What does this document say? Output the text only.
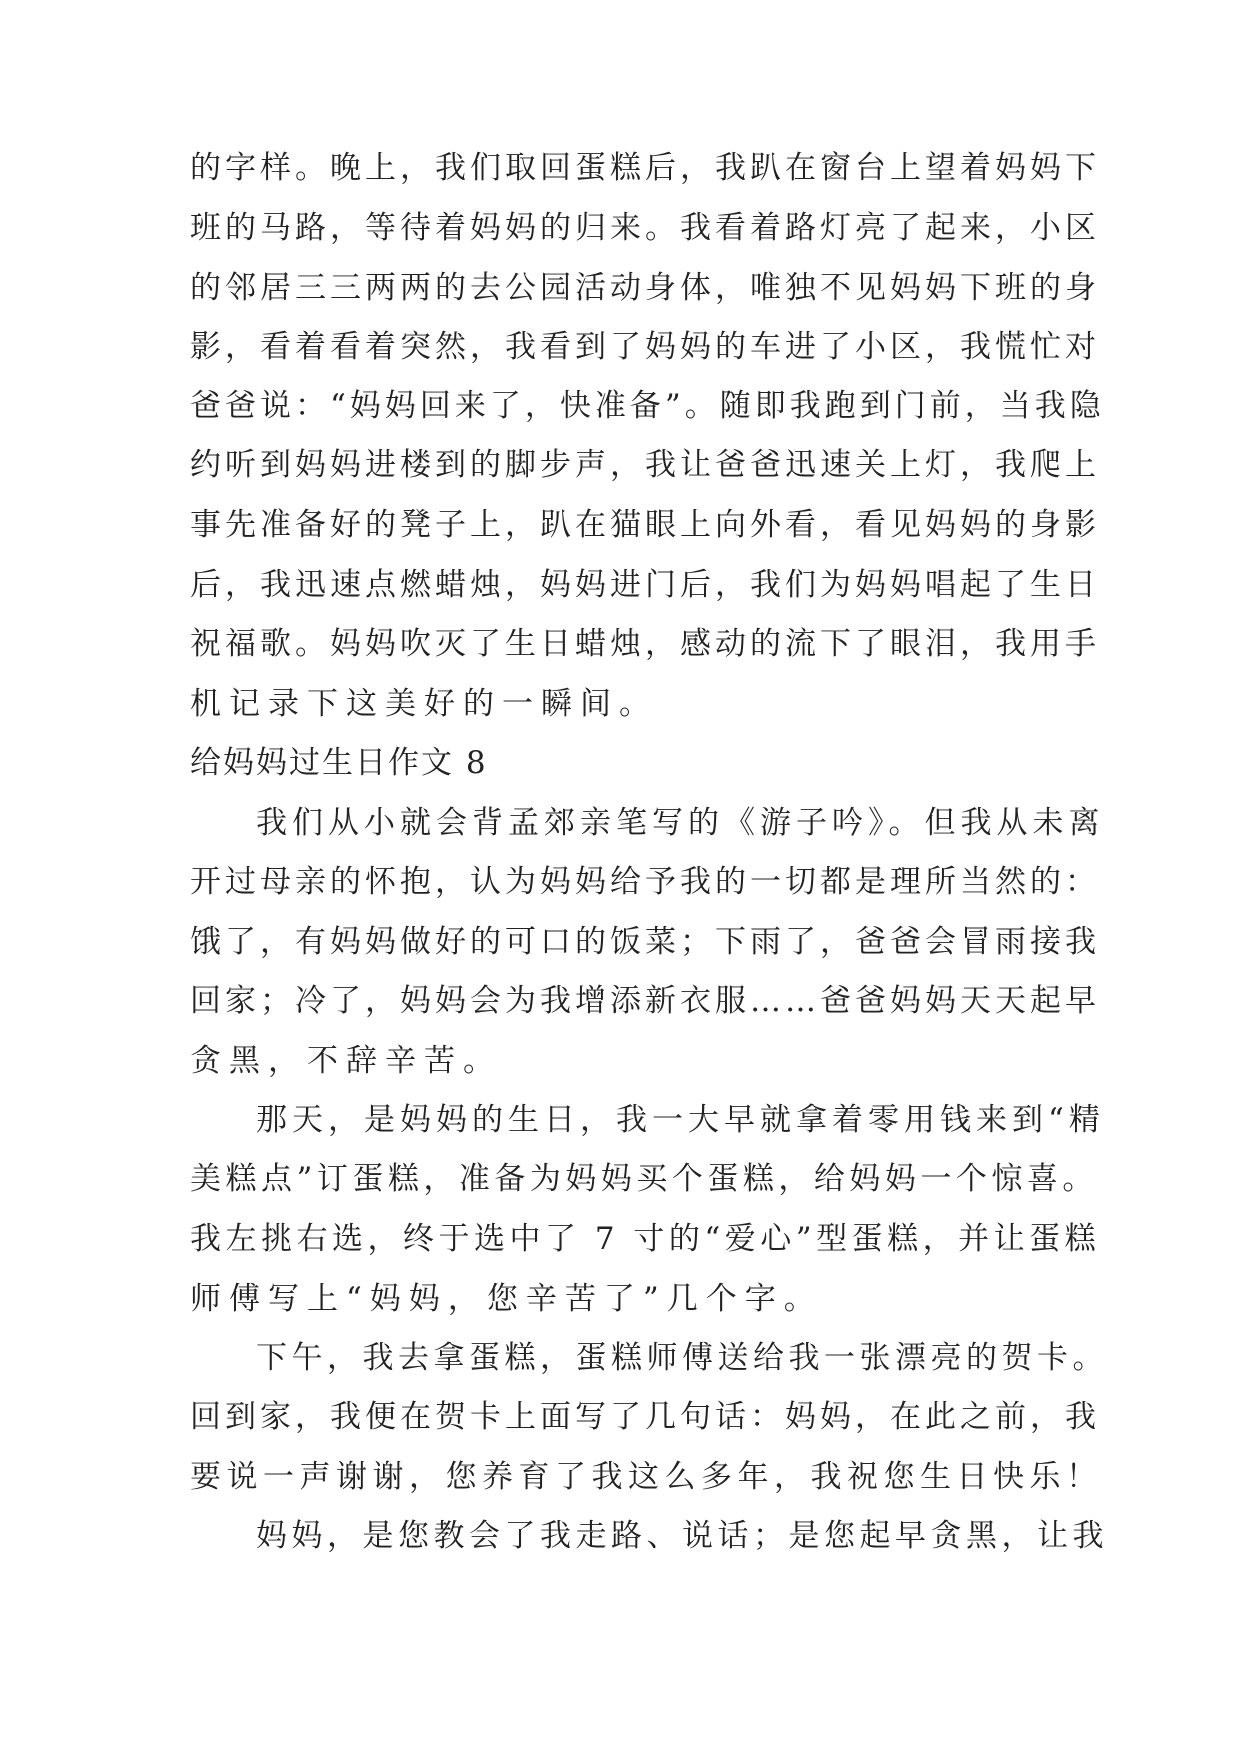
的字样。晚上，我们取回蛋糕后，我趴在窗台上望着妈妈下
班的马路，等待着妈妈的归来。我看着路灯亮了起来，小区
的邻居三三两两的去公园活动身体，唯独不见妈妈下班的身
影，看着看着突然，我看到了妈妈的车进了小区，我慌忙对
爸爸说：“妈妈回来了，快准备”。随即我跑到门前，当我隐
约听到妈妈进楼到的脚步声，我让爸爸迅速关上灯，我爬上
事先准备好的凳子上，趴在猫眼上向外看，看见妈妈的身影
后，我迅速点燃蜡烛，妈妈进门后，我们为妈妈唱起了生日
祝福歌。妈妈吹灭了生日蜡烛，感动的流下了眼泪，我用手
机记录下这美好的一瞬间。
给妈妈过生日作文 8
我们从小就会背孟郊亲笔写的《游子吟》。但我从未离
开过母亲的怀抱，认为妈妈给予我的一切都是理所当然的：
饿了，有妈妈做好的可口的饭菜；下雨了，爸爸会冒雨接我
回家；冷了，妈妈会为我增添新衣服……爸爸妈妈天天起早
贪黑，不辞辛苦。
那天，是妈妈的生日，我一大早就拿着零用钱来到“精
美糕点”订蛋糕，准备为妈妈买个蛋糕，给妈妈一个惊喜。
我左挑右选，终于选中了 7 寸的“爱心”型蛋糕，并让蛋糕
师傅写上“妈妈，您辛苦了”几个字。
下午，我去拿蛋糕，蛋糕师傅送给我一张漂亮的贺卡。
回到家，我便在贺卡上面写了几句话：妈妈，在此之前，我
要说一声谢谢，您养育了我这么多年，我祝您生日快乐！
妈妈，是您教会了我走路、说话；是您起早贪黑，让我
